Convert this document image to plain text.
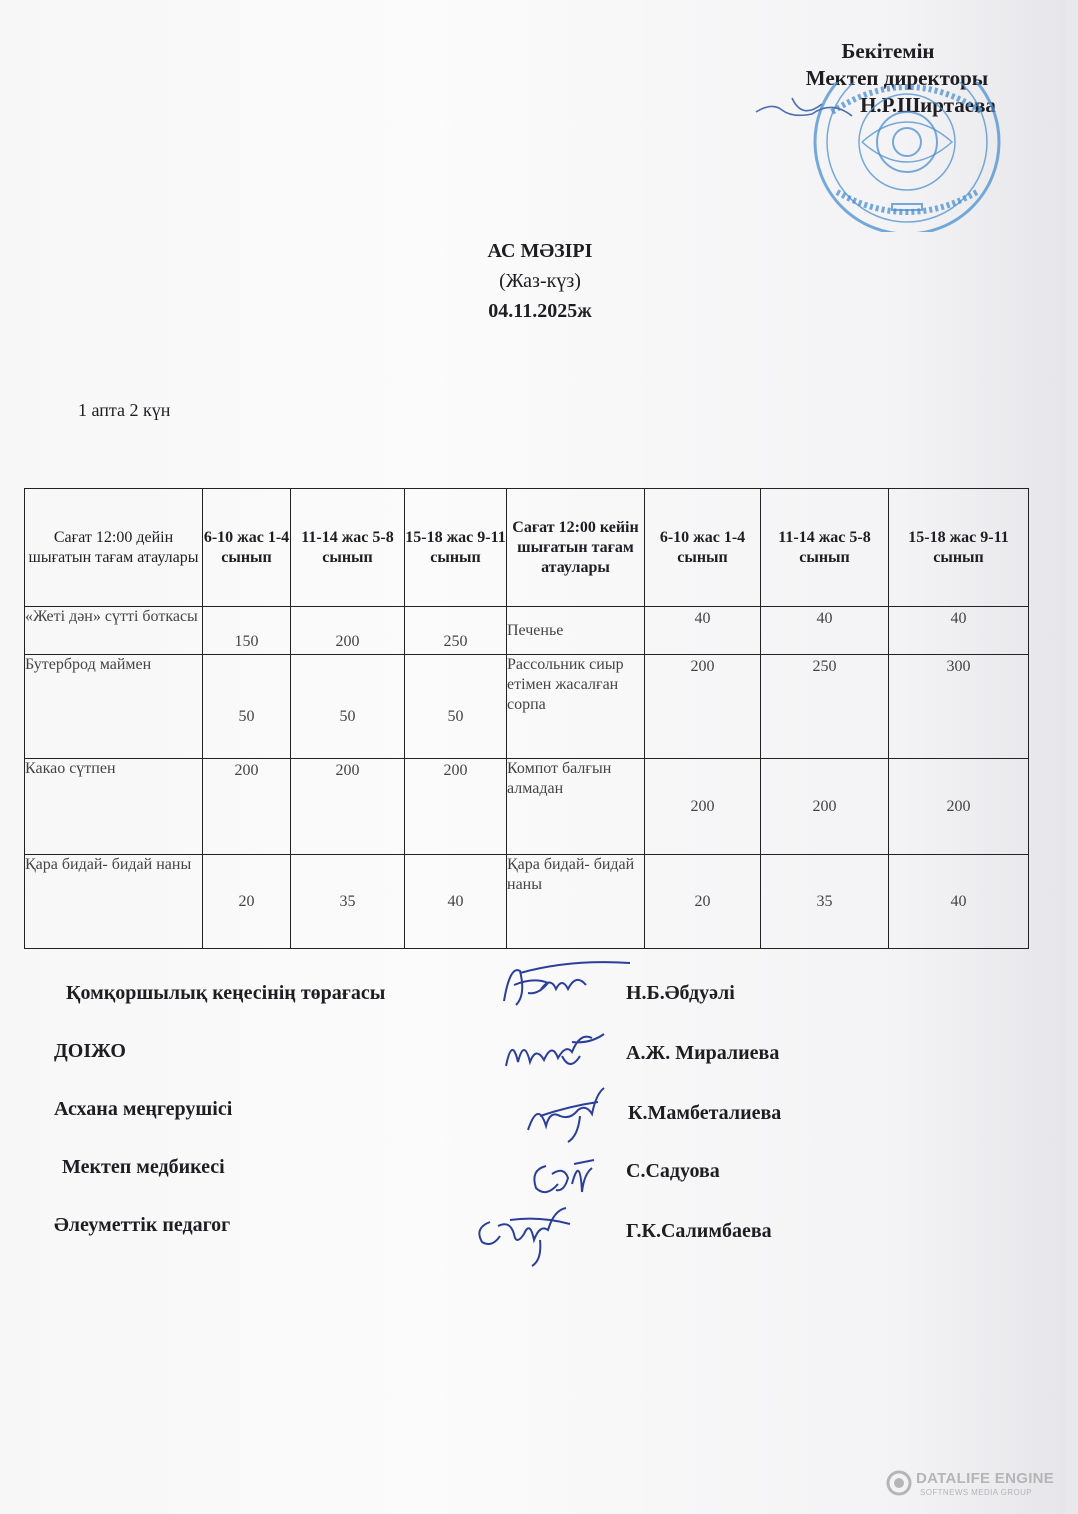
Бекітемін
Мектеп директоры
Н.Р.Ширтаева
АС МӘЗІРІ
(Жаз-күз)
04.11.2025ж
1 апта 2 күн
Сағат 12:00 дейін шығатын тағам атаулары	6-10 жас 1-4 сынып	11-14 жас 5-8 сынып	15-18 жас 9-11 сынып	Сағат 12:00 кейін шығатын тағам атаулары	6-10 жас 1-4 сынып	11-14 жас 5-8 сынып	15-18 жас 9-11 сынып
«Жеті дән» сүтті боткасы	150	200	250	Печенье	40	40	40
Бутерброд маймен	50	50	50	Рассольник сиыр етімен жасалған сорпа	200	250	300
Какао сүтпен	200	200	200	Компот балғын алмадан	200	200	200
Қара бидай- бидай наны	20	35	40	Қара бидай- бидай наны	20	35	40
Қомқоршылық кеңесінің төрағасы	Н.Б.Әбдуәлі
ДОІЖО	А.Ж. Миралиева
Асхана меңгерушісі	К.Мамбеталиева
Мектеп медбикесі	С.Садуова
Әлеуметтік педагог	Г.К.Салимбаева
DATALIFE ENGINE
SOFTNEWS MEDIA GROUP
